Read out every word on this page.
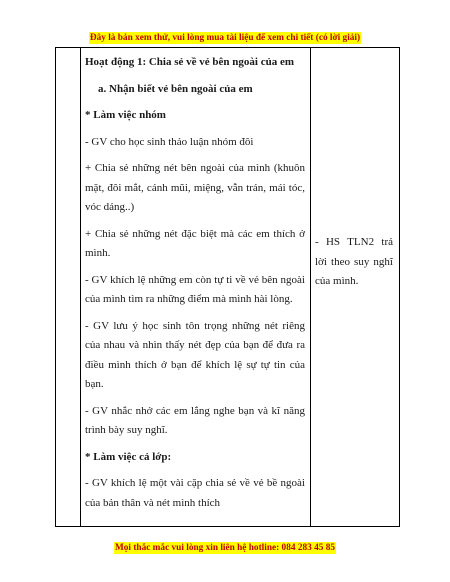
Đây là bản xem thử, vui lòng mua tài liệu để xem chi tiết (có lời giải)

Hoạt động 1: Chia sẻ về vẻ bên ngoài của em

a. Nhận biết vẻ bên ngoài của em

* Làm việc nhóm

- GV cho học sinh thảo luận nhóm đôi

+ Chia sẻ những nét bên ngoài của mình (khuôn mặt, đôi mắt, cánh mũi, miệng, vẫn trán, mái tóc, vóc dáng..)

+ Chia sẻ những nét đặc biệt mà các em thích ở mình.

- GV khích lệ những em còn tự ti về vẻ bên ngoài của mình tìm ra những điểm mà mình hài lòng.

- GV lưu ý học sinh tôn trọng những nét riêng của nhau và nhìn thấy nét đẹp của bạn để đưa ra điều mình thích ở bạn để khích lệ sự tự tin của bạn.

- GV nhắc nhở các em lắng nghe bạn và kĩ năng trình bày suy nghĩ.

* Làm việc cả lớp:

- GV khích lệ một vài cặp chia sẻ về vẻ bề ngoài của bản thân và nét mình thích

- HS TLN2 trả lời theo suy nghĩ của mình.

Mọi thắc mắc vui lòng xin liên hệ hotline: 084 283 45 85
